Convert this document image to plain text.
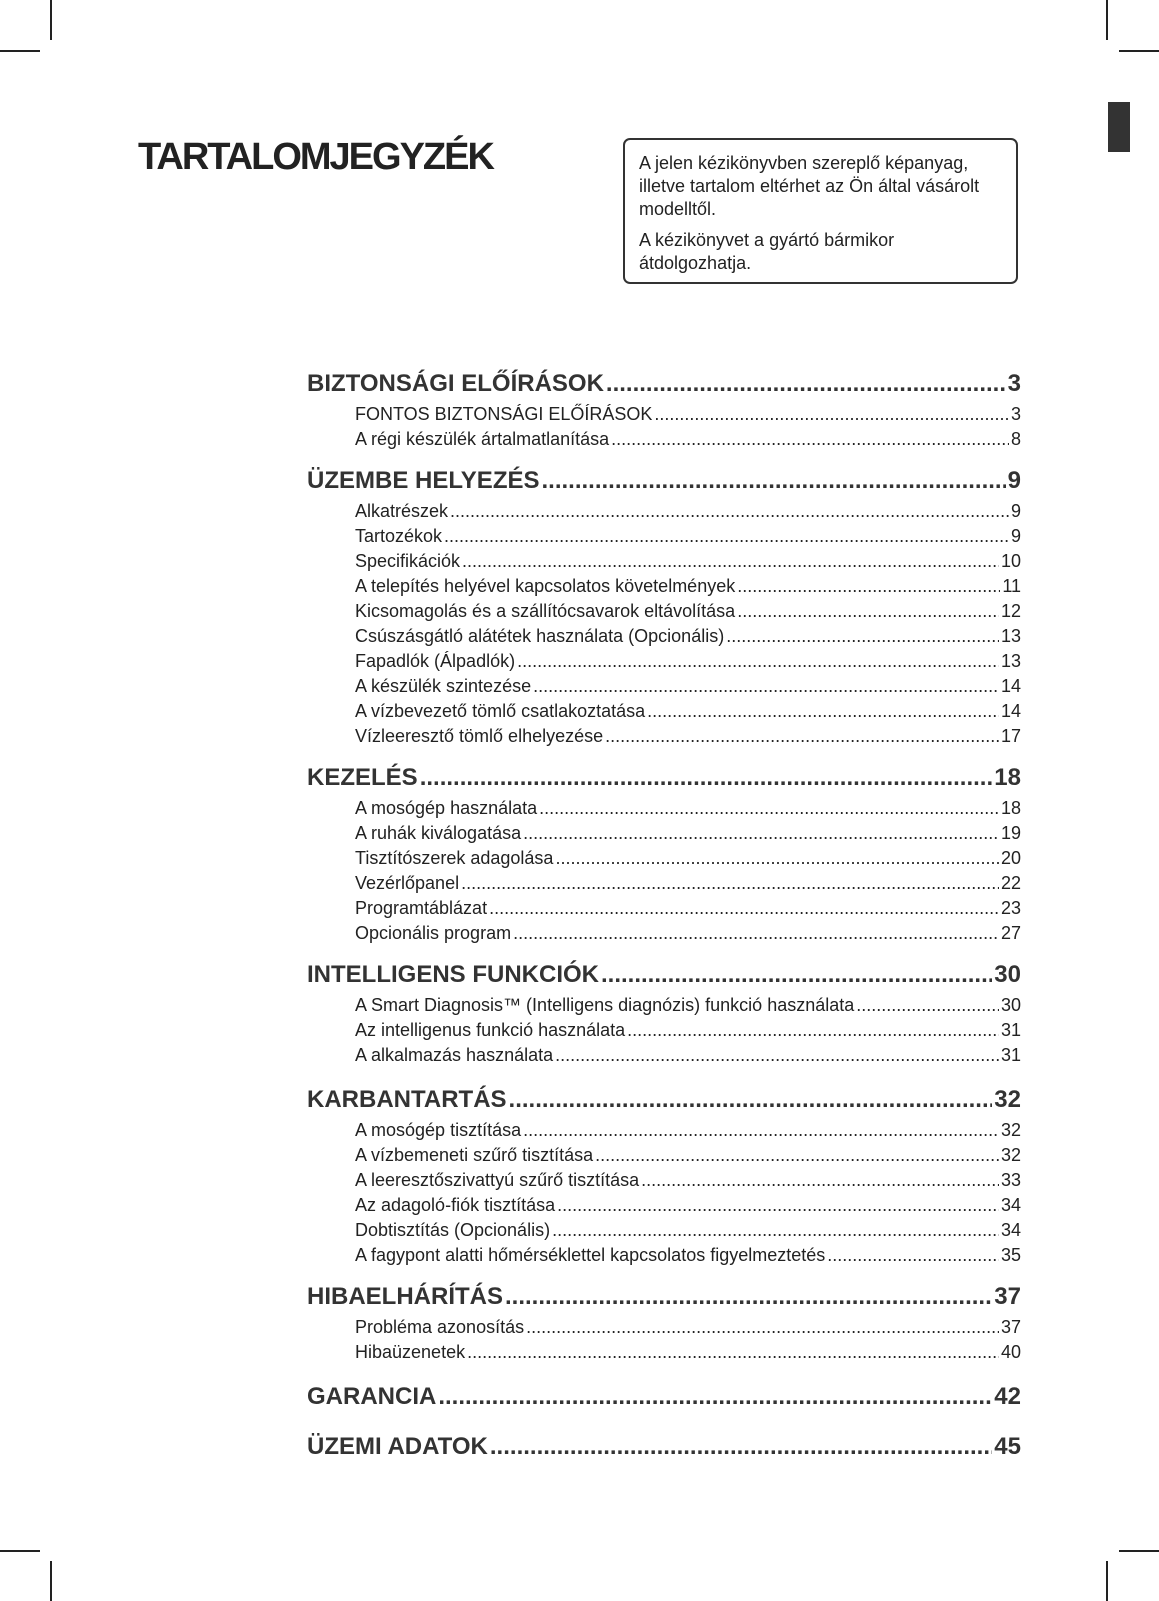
TARTALOMJEGYZÉK	A jelen kézikönyvben szereplő képanyag, illetve tartalom eltérhet az Ön által vásárolt modelltől.

A kézikönyvet a gyártó bármikor átdolgozhatja.

BIZTONSÁGI ELŐÍRÁSOK .....	3
FONTOS BIZTONSÁGI ELŐÍRÁSOK .....	3
A régi készülék ártalmatlanítása .....	8
ÜZEMBE HELYEZÉS .....	9
Alkatrészek .....	9
Tartozékok .....	9
Specifikációk .....	10
A telepítés helyével kapcsolatos követelmények .....	11
Kicsomagolás és a szállítócsavarok eltávolítása .....	12
Csúszásgátló alátétek használata (Opcionális) .....	13
Fapadlók (Álpadlók) .....	13
A készülék szintezése .....	14
A vízbevezető tömlő csatlakoztatása .....	14
Vízleeresztő tömlő elhelyezése .....	17
KEZELÉS .....	18
A mosógép használata .....	18
A ruhák kiválogatása .....	19
Tisztítószerek adagolása .....	20
Vezérlőpanel .....	22
Programtáblázat .....	23
Opcionális program .....	27
INTELLIGENS FUNKCIÓK .....	30
A Smart Diagnosis™ (Intelligens diagnózis) funkció használata .....	30
Az intelligenus funkció használata .....	31
A alkalmazás használata .....	31
KARBANTARTÁS .....	32
A mosógép tisztítása .....	32
A vízbemeneti szűrő tisztítása .....	32
A leeresztőszivattyú szűrő tisztítása .....	33
Az adagoló-fiók tisztítása .....	34
Dobtisztítás (Opcionális) .....	34
A fagypont alatti hőmérséklettel kapcsolatos figyelmeztetés .....	35
HIBAELHÁRÍTÁS .....	37
Probléma azonosítás .....	37
Hibaüzenetek .....	40
GARANCIA .....	42
ÜZEMI ADATOK .....	45
